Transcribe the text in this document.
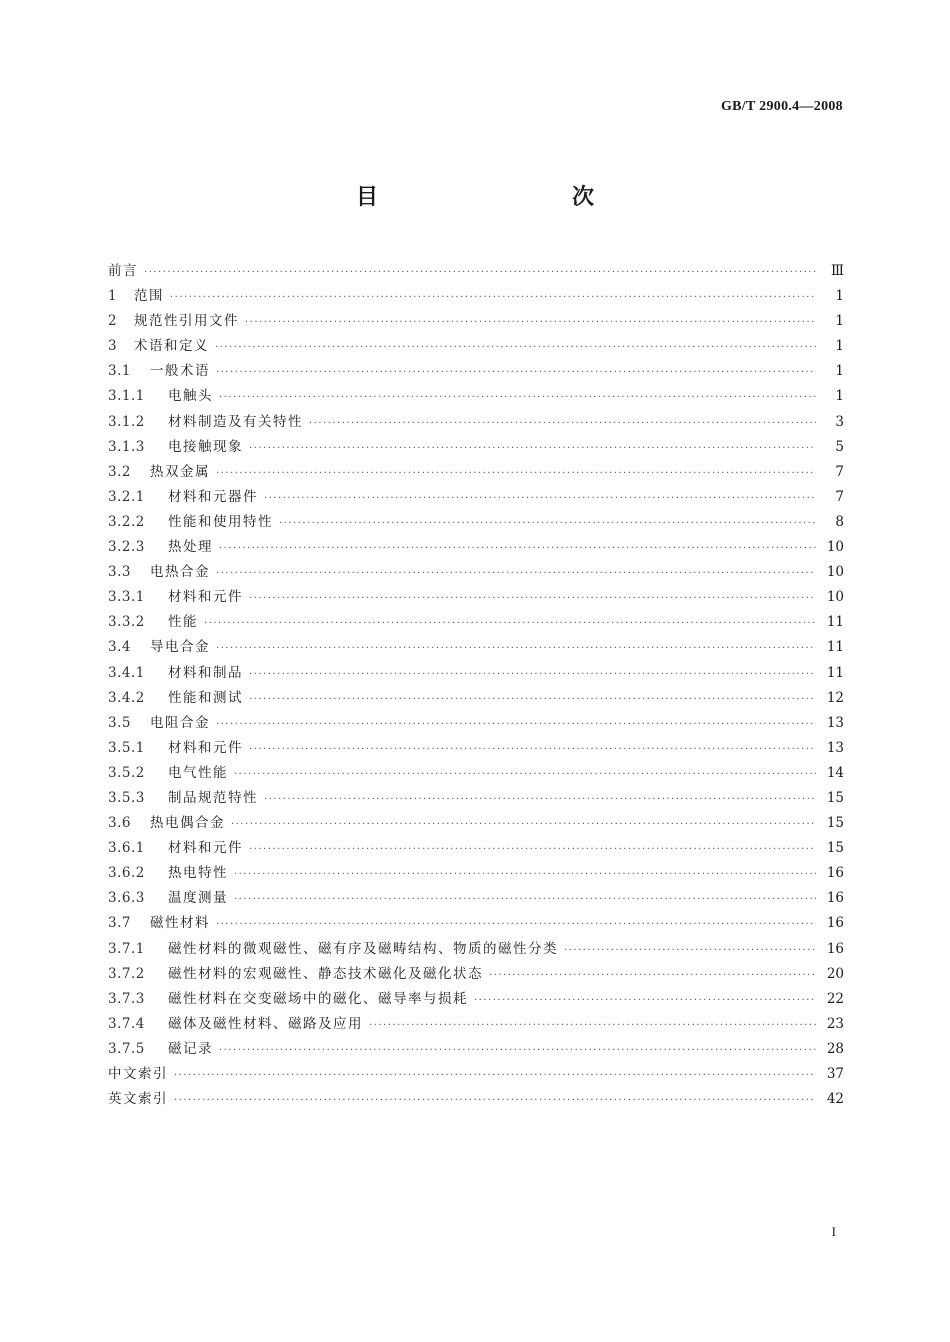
GB/T 2900.4—2008
目　　次
前言 ·····	Ⅲ
1	范围 ·····	1
2	规范性引用文件 ·····	1
3	术语和定义 ·····	1
3.1	一般术语 ·····	1
3.1.1	电触头 ·····	1
3.1.2	材料制造及有关特性 ·····	3
3.1.3	电接触现象 ·····	5
3.2	热双金属 ·····	7
3.2.1	材料和元器件 ·····	7
3.2.2	性能和使用特性 ·····	8
3.2.3	热处理 ·····	10
3.3	电热合金 ·····	10
3.3.1	材料和元件 ·····	10
3.3.2	性能 ·····	11
3.4	导电合金 ·····	11
3.4.1	材料和制品 ·····	11
3.4.2	性能和测试 ·····	12
3.5	电阻合金 ·····	13
3.5.1	材料和元件 ·····	13
3.5.2	电气性能 ·····	14
3.5.3	制品规范特性 ·····	15
3.6	热电偶合金 ·····	15
3.6.1	材料和元件 ·····	15
3.6.2	热电特性 ·····	16
3.6.3	温度测量 ·····	16
3.7	磁性材料 ·····	16
3.7.1	磁性材料的微观磁性、磁有序及磁畴结构、物质的磁性分类 ·····	16
3.7.2	磁性材料的宏观磁性、静态技术磁化及磁化状态 ·····	20
3.7.3	磁性材料在交变磁场中的磁化、磁导率与损耗 ·····	22
3.7.4	磁体及磁性材料、磁路及应用 ·····	23
3.7.5	磁记录 ·····	28
中文索引 ·····	37
英文索引 ·····	42
I
